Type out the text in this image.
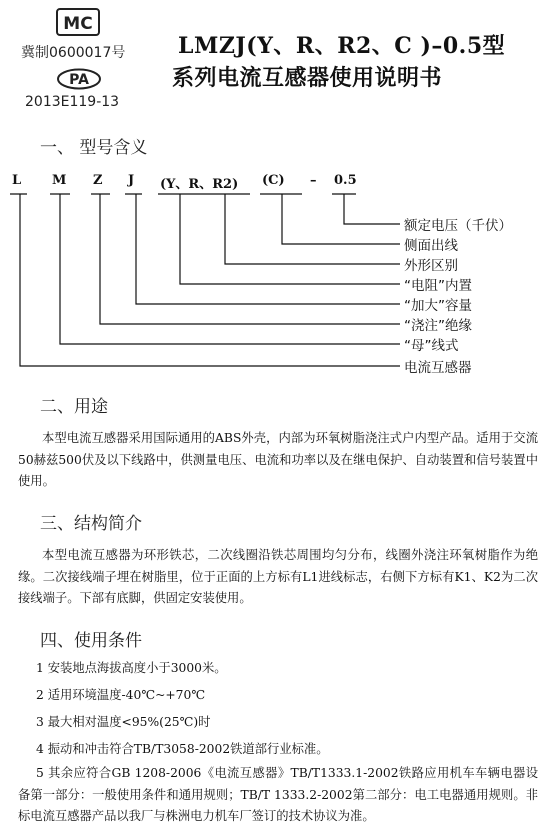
MC
冀制0600017号
PA
2013E119-13
LMZJ(Y、R、R2、C )–0.5型
系列电流互感器使用说明书
一、 型号含义
L M Z J (Y、R、R2) (C) – 0.5
额定电压（千伏）
侧面出线
外形区别
“电阻”内置
“加大”容量
“浇注”绝缘
“母”线式
电流互感器
二、用途
本型电流互感器采用国际通用的ABS外壳，内部为环氧树脂浇注式户内型产品。适用于交流50赫兹500伏及以下线路中，供测量电压、电流和功率以及在继电保护、自动装置和信号装置中使用。
三、结构简介
本型电流互感器为环形铁芯，二次线圈沿铁芯周围均匀分布，线圈外浇注环氧树脂作为绝缘。二次接线端子埋在树脂里，位于正面的上方标有L1进线标志，右侧下方标有K1、K2为二次接线端子。下部有底脚，供固定安装使用。
四、使用条件
1 安装地点海拔高度小于3000米。
2 适用环境温度-40℃~+70℃
3 最大相对温度<95%(25℃)时
4 振动和冲击符合TB/T3058-2002铁道部行业标准。
5 其余应符合GB 1208-2006《电流互感器》TB/T1333.1-2002铁路应用机车车辆电器设备第一部分：一般使用条件和通用规则；TB/T 1333.2-2002第二部分：电工电器通用规则。非标电流互感器产品以我厂与株洲电力机车厂签订的技术协议为准。
